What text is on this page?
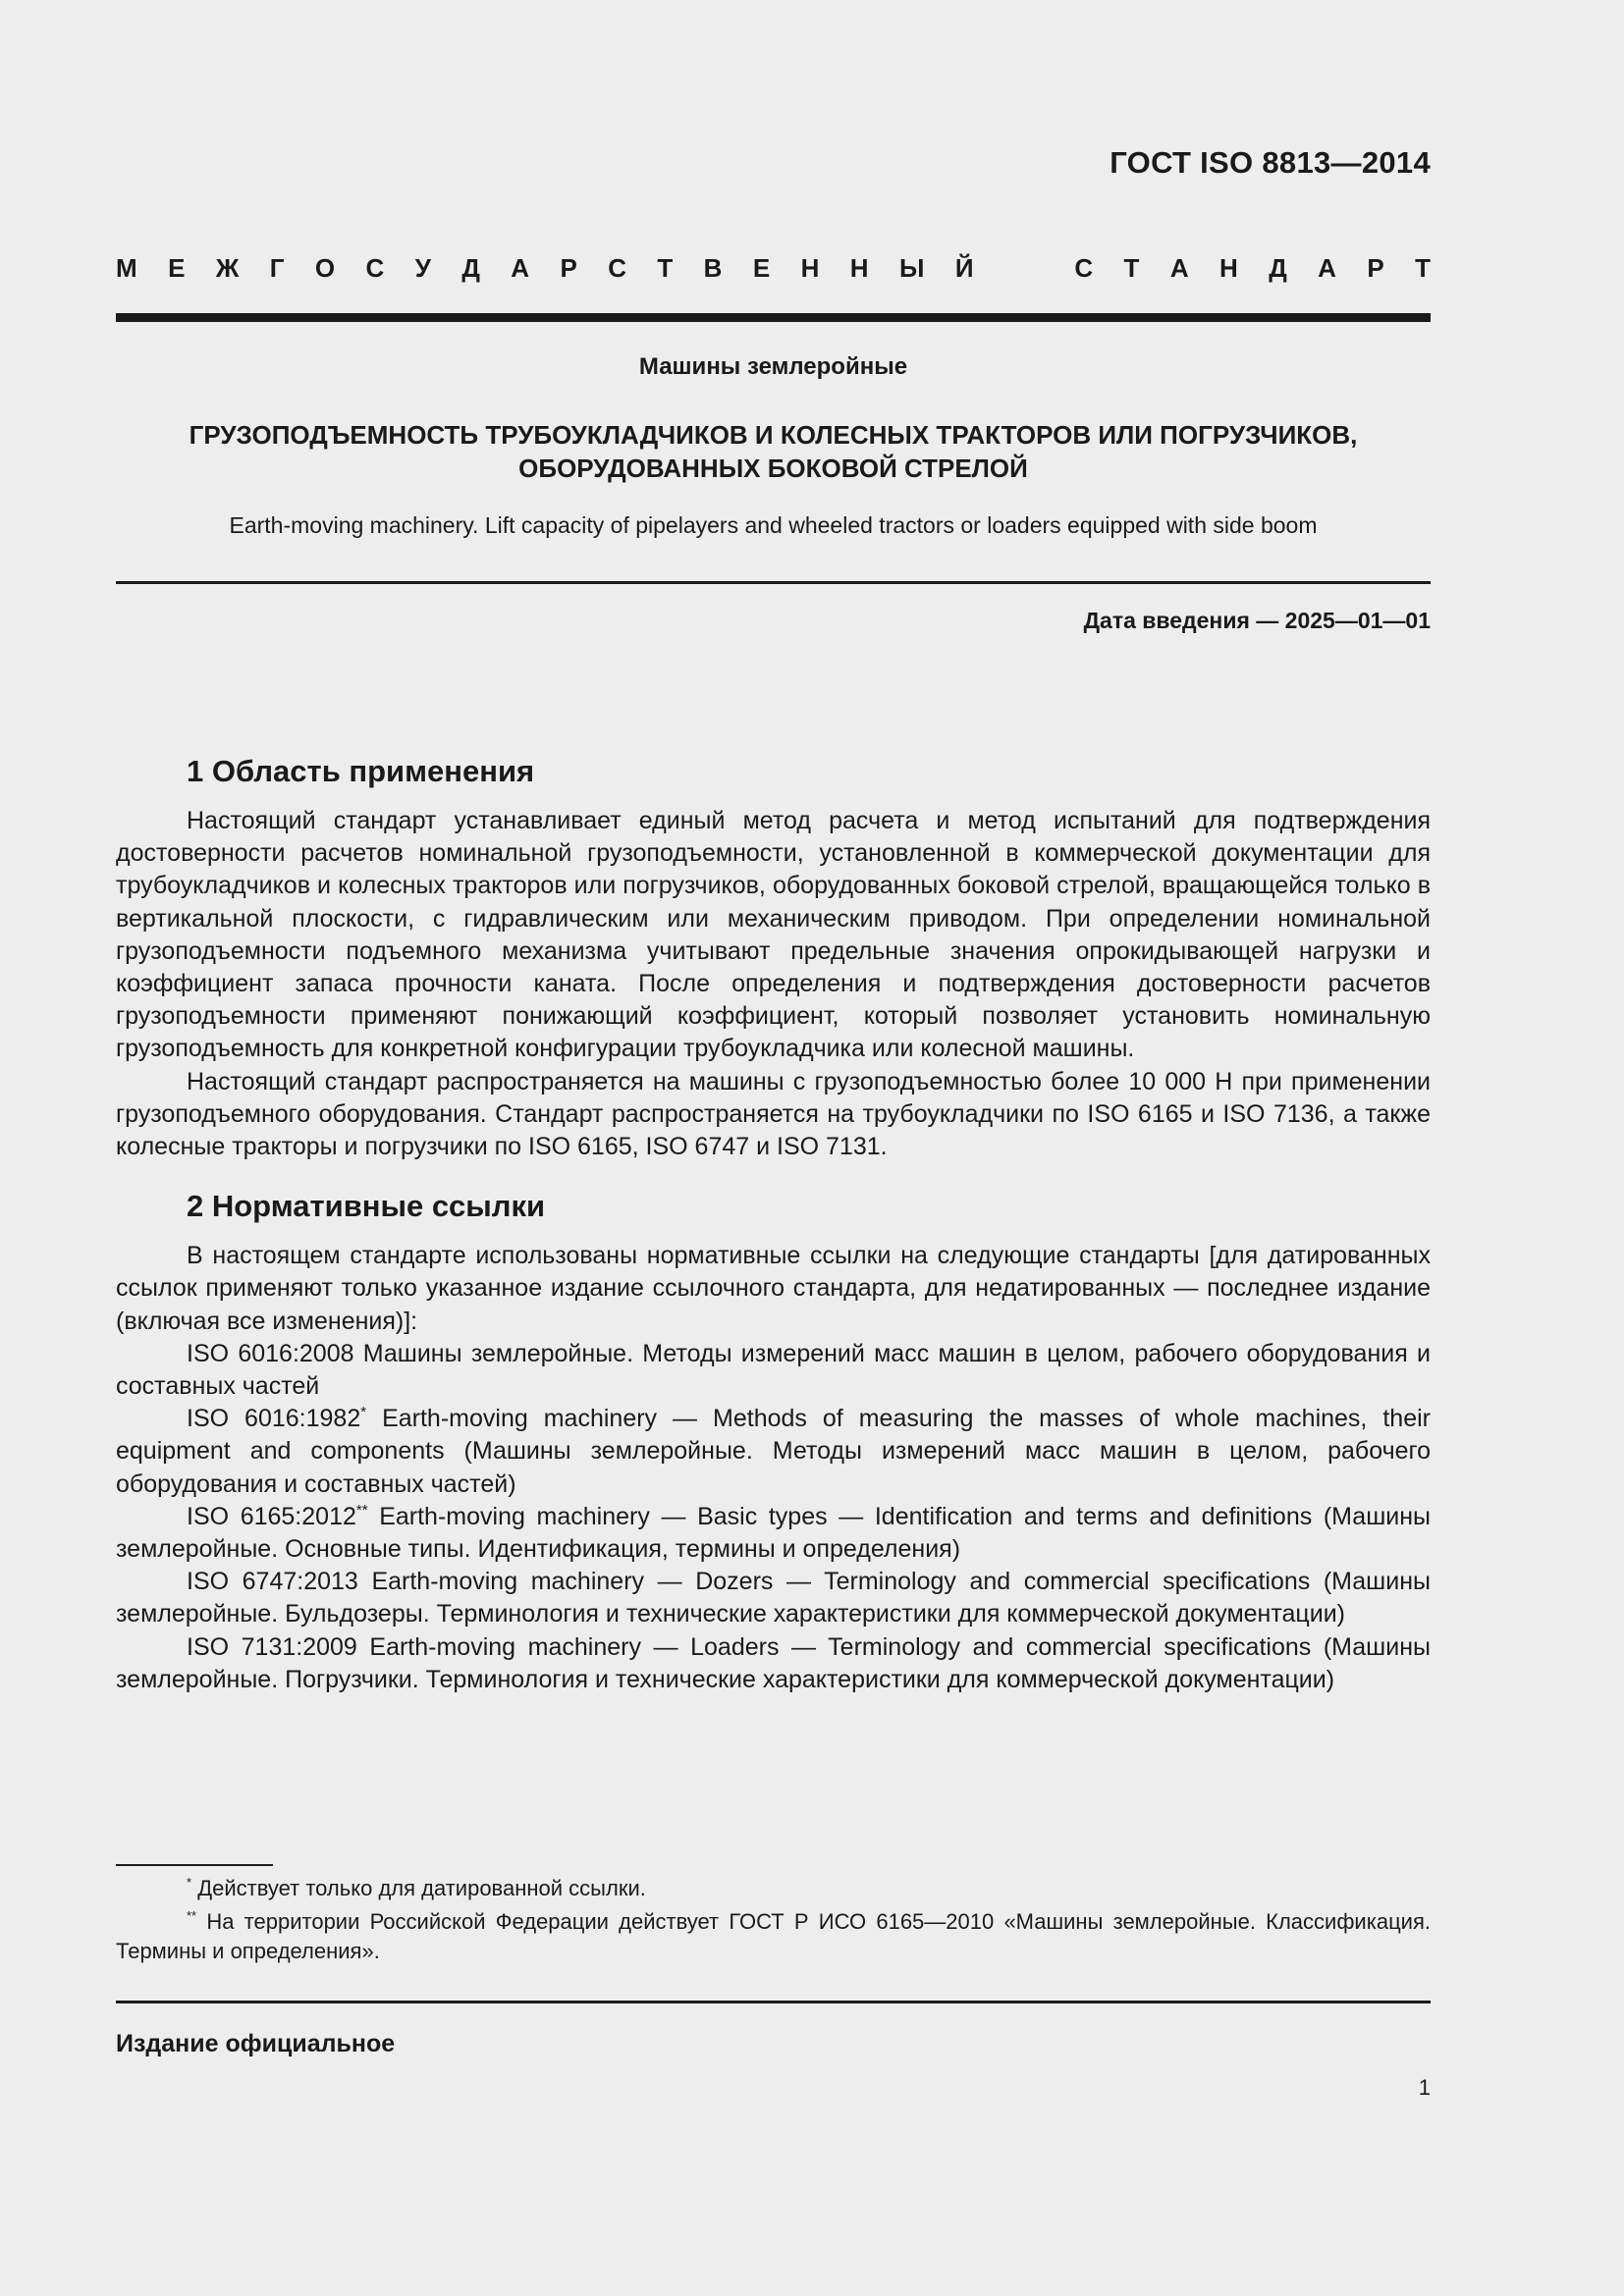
ГОСТ ISO 8813—2014
М Е Ж Г О С У Д А Р С Т В Е Н Н Ы Й	С Т А Н Д А Р Т
Машины землеройные
ГРУЗОПОДЪЕМНОСТЬ ТРУБОУКЛАДЧИКОВ И КОЛЕСНЫХ ТРАКТОРОВ ИЛИ ПОГРУЗЧИКОВ,
ОБОРУДОВАННЫХ БОКОВОЙ СТРЕЛОЙ
Earth-moving machinery. Lift capacity of pipelayers and wheeled tractors or loaders equipped with side boom
Дата введения — 2025—01—01
1 Область применения

Настоящий стандарт устанавливает единый метод расчета и метод испытаний для подтверждения достоверности расчетов номинальной грузоподъемности, установленной в коммерческой документации для трубоукладчиков и колесных тракторов или погрузчиков, оборудованных боковой стрелой, вращающейся только в вертикальной плоскости, с гидравлическим или механическим приводом. При определении номинальной грузоподъемности подъемного механизма учитывают предельные значения опрокидывающей нагрузки и коэффициент запаса прочности каната. После определения и подтверждения достоверности расчетов грузоподъемности применяют понижающий коэффициент, который позволяет установить номинальную грузоподъемность для конкретной конфигурации трубоукладчика или колесной машины.

Настоящий стандарт распространяется на машины с грузоподъемностью более 10 000 Н при применении грузоподъемного оборудования. Стандарт распространяется на трубоукладчики по ISO 6165 и ISO 7136, а также колесные тракторы и погрузчики по ISO 6165, ISO 6747 и ISO 7131.

2 Нормативные ссылки

В настоящем стандарте использованы нормативные ссылки на следующие стандарты [для датированных ссылок применяют только указанное издание ссылочного стандарта, для недатированных — последнее издание (включая все изменения)]:

ISO 6016:2008 Машины землеройные. Методы измерений масс машин в целом, рабочего оборудования и составных частей

ISO 6016:1982* Earth-moving machinery — Methods of measuring the masses of whole machines, their equipment and components (Машины землеройные. Методы измерений масс машин в целом, рабочего оборудования и составных частей)

ISO 6165:2012** Earth-moving machinery — Basic types — Identification and terms and definitions (Машины землеройные. Основные типы. Идентификация, термины и определения)

ISO 6747:2013 Earth-moving machinery — Dozers — Terminology and commercial specifications (Машины землеройные. Бульдозеры. Терминология и технические характеристики для коммерческой документации)

ISO 7131:2009 Earth-moving machinery — Loaders — Terminology and commercial specifications (Машины землеройные. Погрузчики. Терминология и технические характеристики для коммерческой документации)

* Действует только для датированной ссылки.

** На территории Российской Федерации действует ГОСТ Р ИСО 6165—2010 «Машины землеройные. Классификация. Термины и определения».

Издание официальное
1
